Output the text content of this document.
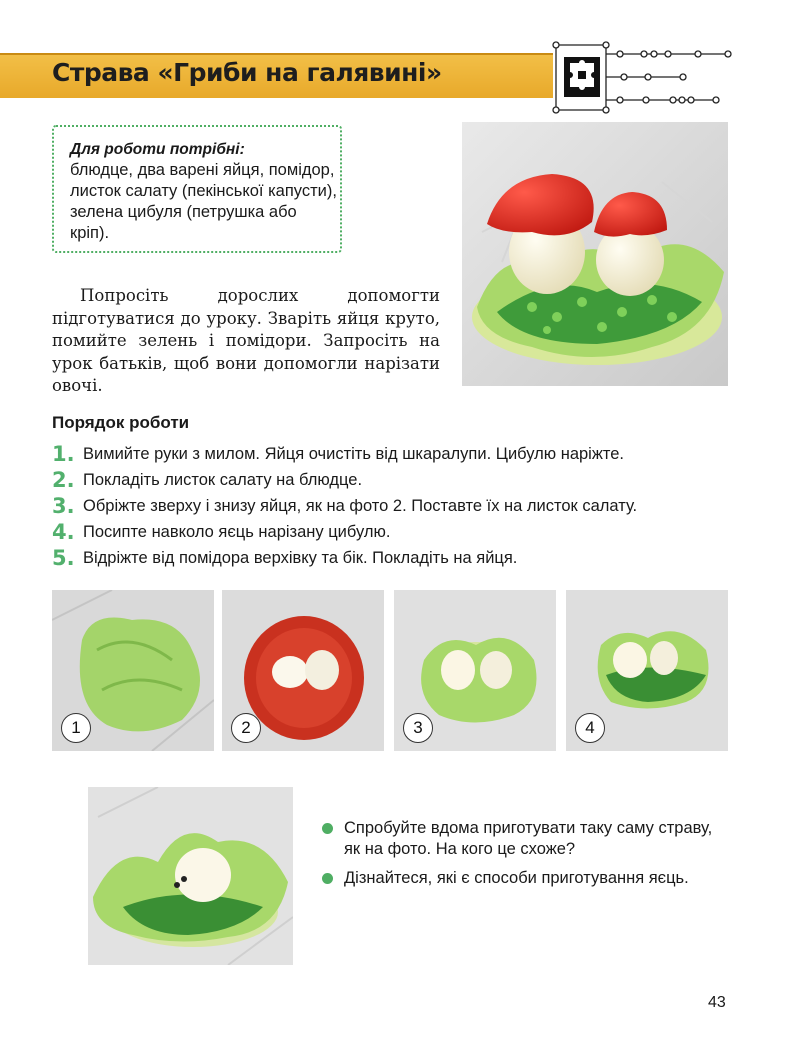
Страва «Гриби на галявині»
Для роботи потрібні:
блюдце, два варені яйця, помідор, листок салату (пекінської капусти), зелена цибуля (петрушка або кріп).
Попросіть дорослих допомогти підготуватися до уроку. Зваріть яйця круто, помийте зелень і помідори. Запросіть на урок батьків, щоб вони допомогли нарізати овочі.
Порядок роботи
1. Вимийте руки з милом. Яйця очистіть від шкаралупи. Цибулю наріжте.
2. Покладіть листок салату на блюдце.
3. Обріжте зверху і знизу яйця, як на фото 2. Поставте їх на листок салату.
4. Посипте навколо яєць нарізану цибулю.
5. Відріжте від помідора верхівку та бік. Покладіть на яйця.
1	2	3	4
Спробуйте вдома приготувати таку саму страву, як на фото. На кого це схоже?
Дізнайтеся, які є способи приготування яєць.
43
